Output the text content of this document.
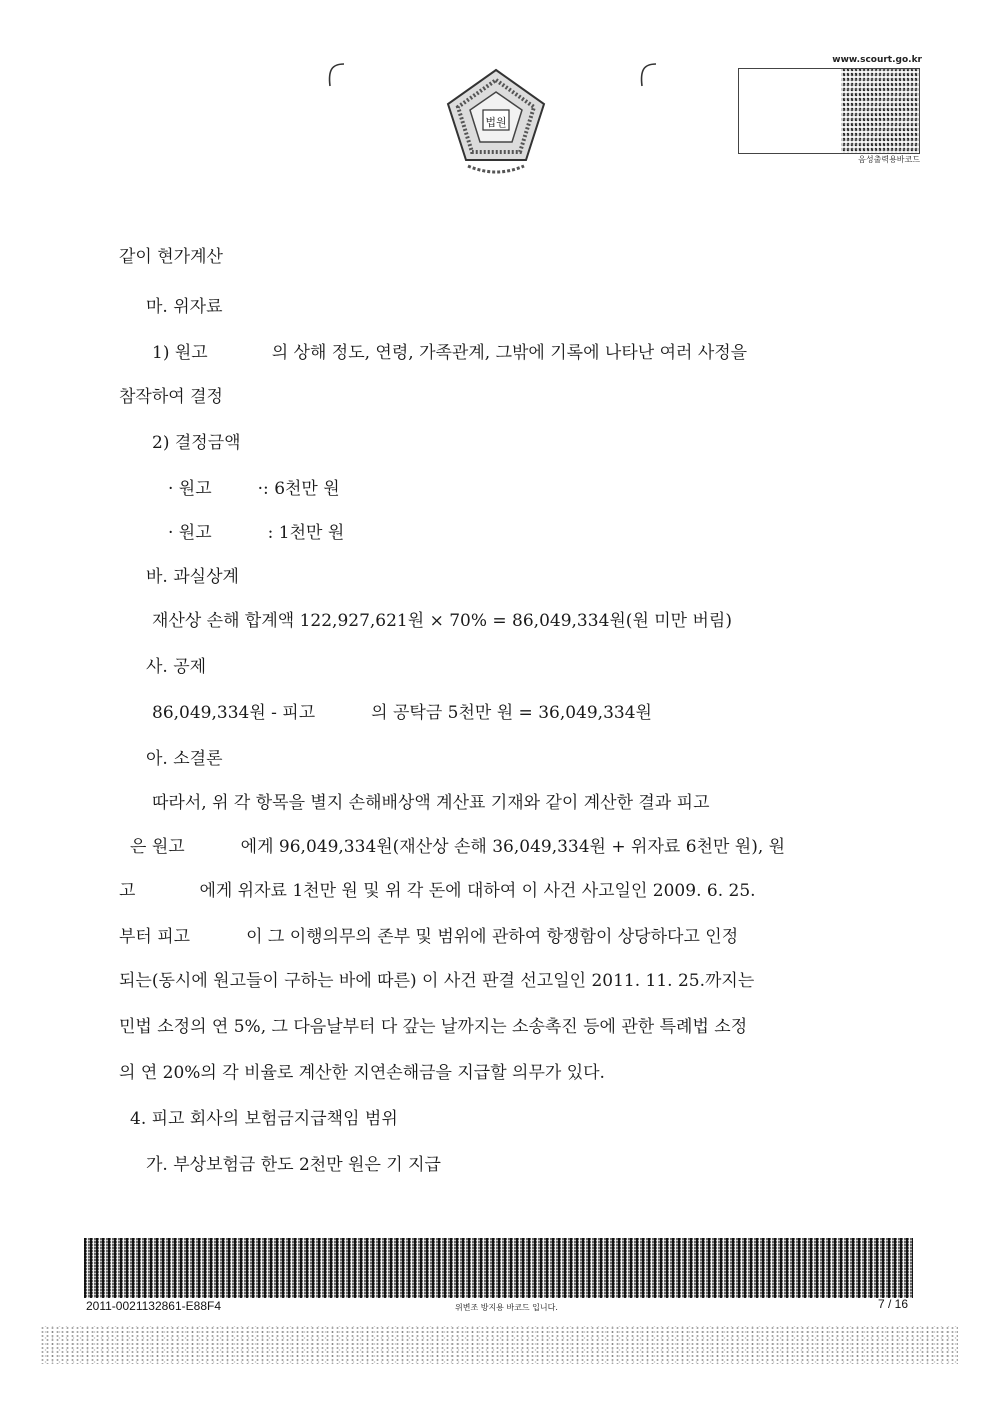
법원
www.scourt.go.kr
음성출력용바코드
같이 현가계산
마. 위자료
1) 원고	의 상해 정도, 연령, 가족관계, 그밖에 기록에 나타난 여러 사정을
참작하여 결정
2) 결정금액
· 원고	·: 6천만 원
· 원고	: 1천만 원
바. 과실상계
재산상 손해 합계액 122,927,621원 × 70% = 86,049,334원(원 미만 버림)
사. 공제
86,049,334원 - 피고	의 공탁금 5천만 원 = 36,049,334원
아. 소결론
따라서, 위 각 항목을 별지 손해배상액 계산표 기재와 같이 계산한 결과 피고
은 원고	에게 96,049,334원(재산상 손해 36,049,334원 + 위자료 6천만 원), 원
고	에게 위자료 1천만 원 및 위 각 돈에 대하여 이 사건 사고일인 2009. 6. 25.
부터 피고	이 그 이행의무의 존부 및 범위에 관하여 항쟁함이 상당하다고 인정
되는(동시에 원고들이 구하는 바에 따른) 이 사건 판결 선고일인 2011. 11. 25.까지는
민법 소정의 연 5%, 그 다음날부터 다 갚는 날까지는 소송촉진 등에 관한 특례법 소정
의 연 20%의 각 비율로 계산한 지연손해금을 지급할 의무가 있다.
4. 피고 회사의 보험금지급책임 범위
가. 부상보험금 한도 2천만 원은 기 지급
2011-0021132861-E88F4	위변조 방지용 바코드 입니다.	7 / 16
